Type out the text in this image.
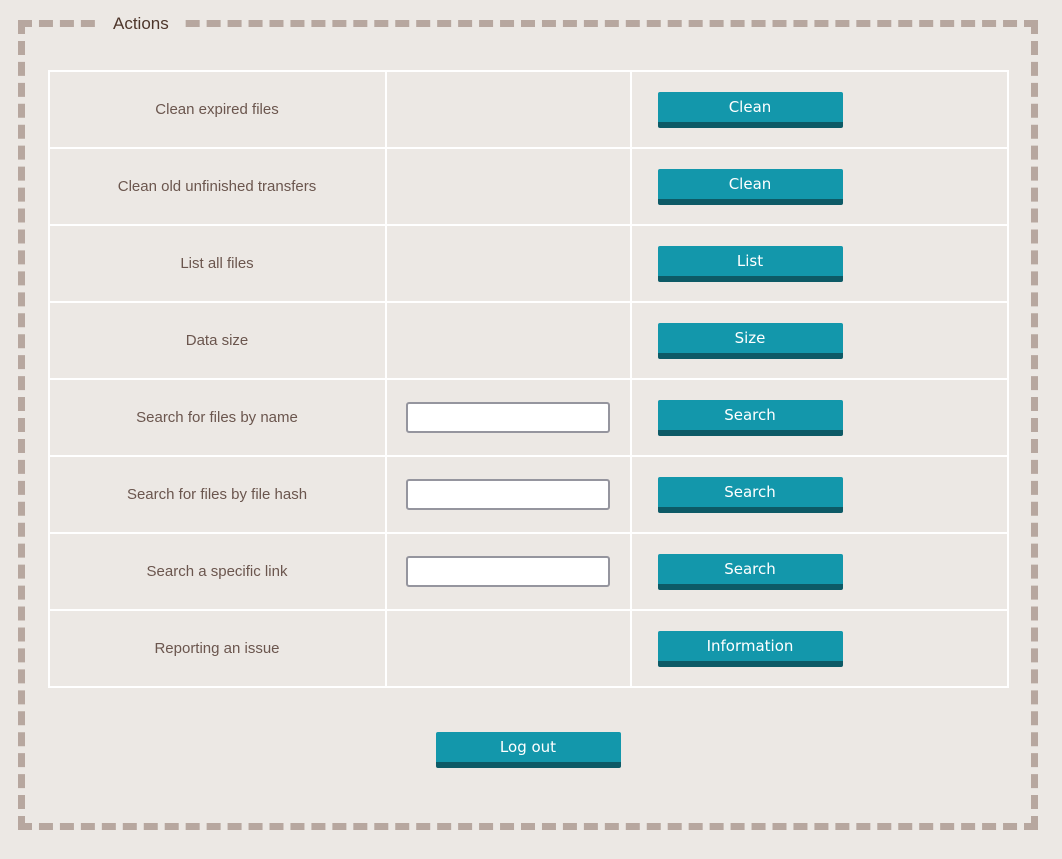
Actions
Clean expired files		Clean

Clean old unfinished transfers		Clean

List all files		List

Data size		Size

Search for files by name		Search

Search for files by file hash		Search

Search a specific link		Search

Reporting an issue		Information
Log out
